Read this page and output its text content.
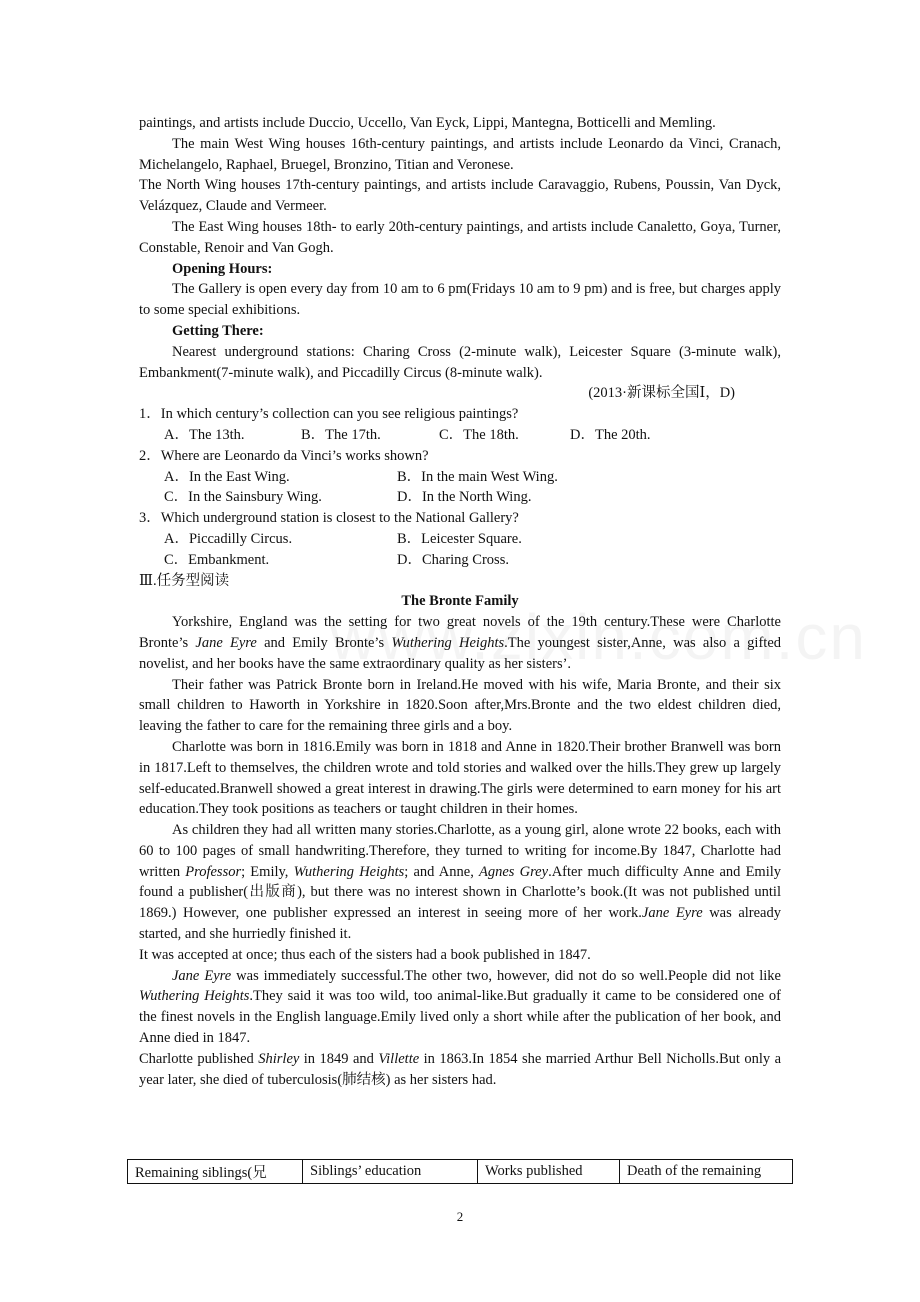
paintings, and artists include Duccio, Uccello, Van Eyck, Lippi, Mantegna, Botticelli and Memling.

The main West Wing houses 16th-century paintings, and artists include Leonardo da Vinci, Cranach, Michelangelo, Raphael, Bruegel, Bronzino, Titian and Veronese.

The North Wing houses 17th-century paintings, and artists include Caravaggio, Rubens, Poussin, Van Dyck, Velázquez, Claude and Vermeer.

The East Wing houses 18th- to early 20th-century paintings, and artists include Canaletto, Goya, Turner, Constable, Renoir and Van Gogh.

Opening Hours:

The Gallery is open every day from 10 am to 6 pm(Fridays 10 am to 9 pm) and is free, but charges apply to some special exhibitions.

Getting There:

Nearest underground stations: Charing Cross (2-minute walk), Leicester Square (3-minute walk), Embankment(7-minute walk), and Piccadilly Circus (8-minute walk).

(2013·新课标全国Ⅰ，D)

1．In which century’s collection can you see religious paintings?

A．The 13th.	B．The 17th.	C．The 18th.	D．The 20th.

2．Where are Leonardo da Vinci’s works shown?

A．In the East Wing.	B．In the main West Wing.
C．In the Sainsbury Wing.	D．In the North Wing.

3．Which underground station is closest to the National Gallery?

A．Piccadilly Circus.	B．Leicester Square.
C．Embankment.	D．Charing Cross.

Ⅲ.任务型阅读

The Bronte Family

Yorkshire, England was the setting for two great novels of the 19th century.These were Charlotte Bronte’s Jane Eyre and Emily Bronte’s Wuthering Heights.The youngest sister,Anne, was also a gifted novelist, and her books have the same extraordinary quality as her sisters’.

Their father was Patrick Bronte born in Ireland.He moved with his wife, Maria Bronte, and their six small children to Haworth in Yorkshire in 1820.Soon after,Mrs.Bronte and the two eldest children died, leaving the father to care for the remaining three girls and a boy.

Charlotte was born in 1816.Emily was born in 1818 and Anne in 1820.Their brother Branwell was born in 1817.Left to themselves, the children wrote and told stories and walked over the hills.They grew up largely self-educated.Branwell showed a great interest in drawing.The girls were determined to earn money for his art education.They took positions as teachers or taught children in their homes.

As children they had all written many stories.Charlotte, as a young girl, alone wrote 22 books, each with 60 to 100 pages of small handwriting.Therefore, they turned to writing for income.By 1847, Charlotte had written Professor; Emily, Wuthering Heights; and Anne, Agnes Grey.After much difficulty Anne and Emily found a publisher(出版商), but there was no interest shown in Charlotte’s book.(It was not published until 1869.) However, one publisher expressed an interest in seeing more of her work.Jane Eyre was already started, and she hurriedly finished it.

It was accepted at once; thus each of the sisters had a book published in 1847.

Jane Eyre was immediately successful.The other two, however, did not do so well.People did not like Wuthering Heights.They said it was too wild, too animal-like.But gradually it came to be considered one of the finest novels in the English language.Emily lived only a short while after the publication of her book, and Anne died in 1847.

Charlotte published Shirley in 1849 and Villette in 1863.In 1854 she married Arthur Bell Nicholls.But only a year later, she died of tuberculosis(肺结核) as her sisters had.

Remaining siblings(兄	Siblings’ education	Works published	Death of the remaining
2
